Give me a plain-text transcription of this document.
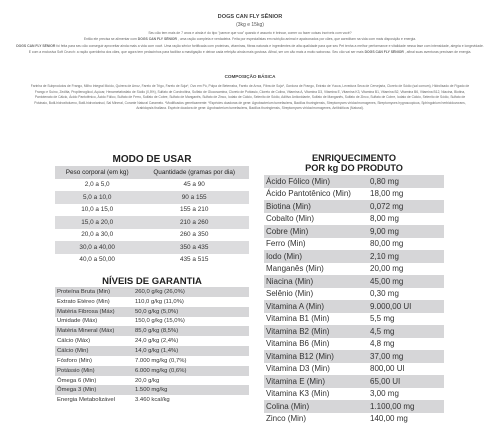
DOGS CAN FLY SÊNIOR
(3kg e 15kg)
Seu cão tem mais de 7 anos e ainda é do tipo "parece que voa" quando é assunto é brincar, comer ou fazer coisas incríveis com você?
Então ele precisa se alimentar com DOGS CAN FLY SÊNIOR , uma ração completa e verdadeira. Feita por especialistas em nutrição animal e apaixonados por cães, que acreditam na vida com mais disposição e energia.
DOGS CAN FLY SÊNIOR foi feita para seu cão conseguir aproveitar ainda mais a vida com você. Uma ração sênior fortificada com proteínas, vitaminas, fibras naturais e ingredientes de alta qualidade para que seu Pet tenha a melhor performance e vitalidade nessa fase com intensidade, alegria e longevidade.
E com a exclusiva Soft Crunch: a ração queridinha dos cães, que agora tem pedacinhos para facilitar a mastigação e deixar cada refeição ainda mais gostosa. Afinal, ser um cão mais a muito saboroso. Seu cão vai ser mais DOGS CAN FLY SÊNIOR , afinal suas aventuras precisam de energia.
COMPOSIÇÃO BÁSICA
Farinha de Subprodutos de Frango, Milho Integral Moído, Quirera de Arroz, Farelo de Trigo, Farelo de Soja*, Ovo em Pó, Polpa de Beterraba, Farelo de Arroz, Fibra de Soja*, Gordura de Frango, Extrato de Yucca, Levedura Seca de Cervejaria, Cloreto de Sódio (sal comum), Hidrolisado de Fígado de Frango e Suíno, Zeólita, Propilenoglicol, Açúcar, Hexametafosfato de Sódio (0,5%), Sulfato de Condroitina, Sulfato de Glucosamina, Cloreto de Potássio, Cloreto de Colina, Vitamina A, Vitamina D3, Vitamina E, Vitamina K3, Vitamina B1, Vitamina B2, Vitamina B6, Vitamina B12, Niacina, Biotina, Pantotenato de Cálcio, Ácido Pantotênico, Ácido Fólico, Sulfato de Ferro, Sulfato de Cobre, Sulfato de Manganês, Sulfato de Zinco, Iodato de Cálcio, Selenito de Sódio, Aditivo Antioxidante, Sulfato de Manganês, Sulfato de Zinco, Sulfato de Cobre, Iodato de Cálcio, Selenito de Sódio, Sulfato de Potássio, Butil-hidroxitolueno, Butil-hidroxianisol, Sal Mineral, Corante Natural Caramelo. *Modificados geneticamente: *Espécies doadoras de gene: Agrobacterium tumefaciens, Bacillus thuringiensis, Streptomyces viridochromogenes, Streptomyces hygroscopicus, Sphingobium herbicidovorans, Arabidopsis thaliana. Espécie doadora de gene: Agrobacterium tumefaciens, Bacillus thuringiensis, Streptomyces viridochromogenes, Antibióticos (Natural).
MODO DE USAR
Peso corporal (em kg)	Quantidade (gramas por dia)
2,0 a 5,0	45 a 90
5,0 a 10,0	90 a 155
10,0 a 15,0	155 a 210
15,0 a 20,0	210 a 260
20,0 a 30,0	260 a 350
30,0 a 40,00	350 a 435
40,0 a 50,00	435 a 515
NÍVEIS DE GARANTIA
Proteína Bruta (Min)	260,0 g/kg (26,0%)
Extrato Etéreo (Min)	110,0 g/kg (11,0%)
Matéria Fibrosa (Máx)	50,0 g/kg (5,0%)
Umidade (Máx)	150,0 g/kg (15,0%)
Matéria Mineral (Máx)	85,0 g/kg (8,5%)
Cálcio (Máx)	24,0 g/kg (2,4%)
Cálcio (Min)	14,0 g/kg (1,4%)
Fósforo (Min)	7.000 mg/kg (0,7%)
Potássio (Min)	6.000 mg/kg (0,6%)
Ômega 6 (Min)	20,0 g/kg
Ômega 3 (Min)	1.500 mg/kg
Energia Metabolizável	3.460 kcal/kg
ENRIQUECIMENTO
POR kg DO PRODUTO
Ácido Fólico (Min)	0,80 mg
Ácido Pantotênico (Min)	18,00 mg
Biotina (Min)	0,072 mg
Cobalto (Min)	8,00 mg
Cobre (Min)	9,00 mg
Ferro (Min)	80,00 mg
Iodo (Min)	2,10 mg
Manganês (Min)	20,00 mg
Niacina (Min)	45,00 mg
Selênio (Min)	0,30 mg
Vitamina A (Min)	9.000,00 UI
Vitamina B1 (Min)	5,5 mg
Vitamina B2 (Min)	4,5 mg
Vitamina B6 (Min)	4,8 mg
Vitamina B12 (Min)	37,00 mg
Vitamina D3 (Min)	800,00 UI
Vitamina E (Min)	65,00 UI
Vitamina K3 (Min)	3,00 mg
Colina (Min)	1.100,00 mg
Zinco (Min)	140,00 mg
